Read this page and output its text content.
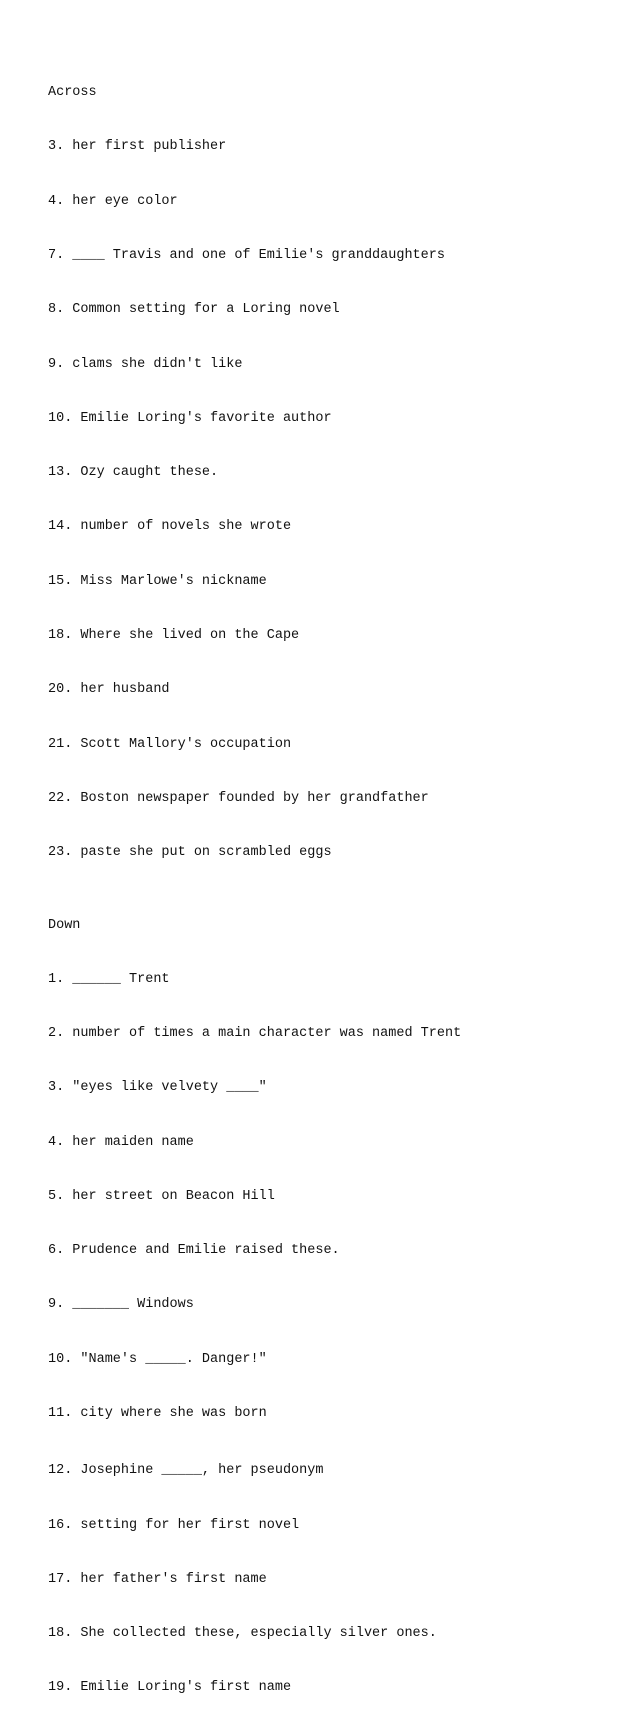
Across

3. her first publisher

4. her eye color

7. ____ Travis and one of Emilie's granddaughters

8. Common setting for a Loring novel

9. clams she didn't like

10. Emilie Loring's favorite author

13. Ozy caught these.

14. number of novels she wrote

15. Miss Marlowe's nickname

18. Where she lived on the Cape

20. her husband

21. Scott Mallory's occupation

22. Boston newspaper founded by her grandfather

23. paste she put on scrambled eggs

Down

1. ______ Trent

2. number of times a main character was named Trent

3. "eyes like velvety ____"

4. her maiden name

5. her street on Beacon Hill

6. Prudence and Emilie raised these.

9. _______ Windows

10. "Name's _____. Danger!"

11. city where she was born

12. Josephine _____, her pseudonym

16. setting for her first novel

17. her father's first name

18. She collected these, especially silver ones.

19. Emilie Loring's first name
